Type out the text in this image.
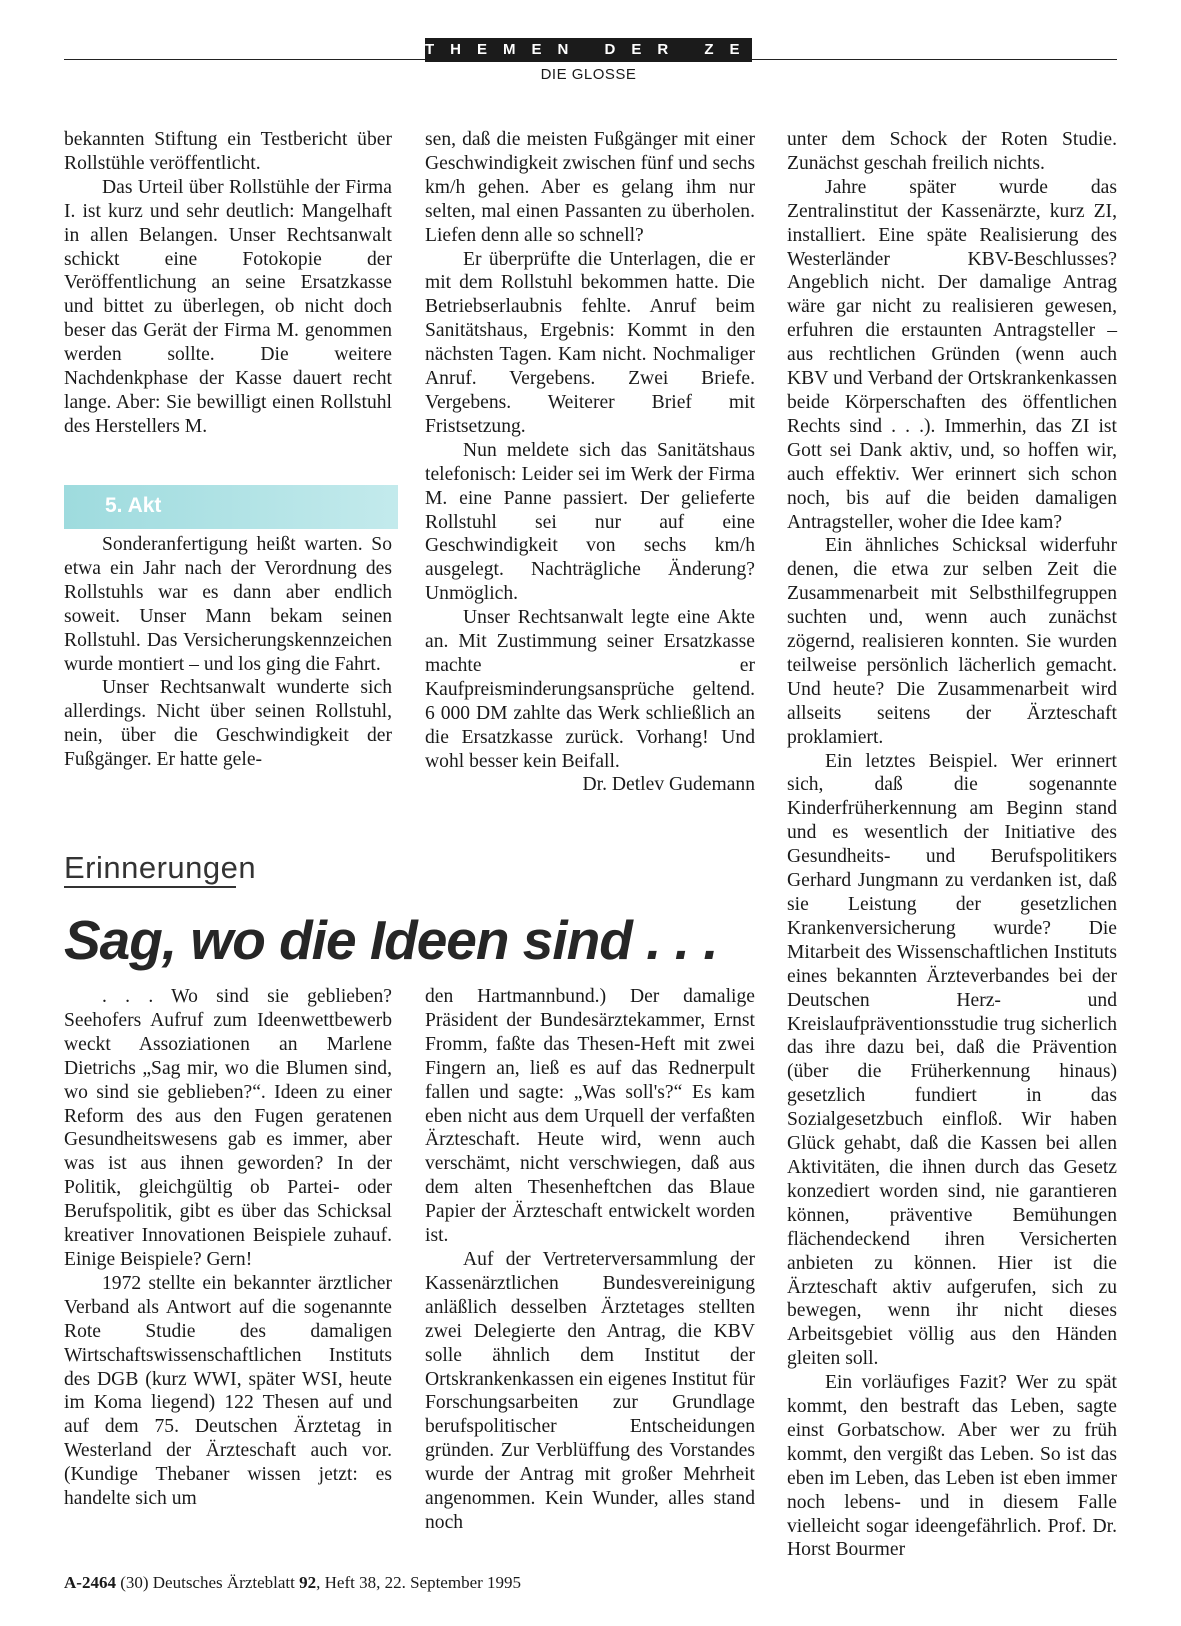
THEMEN DER ZEIT
DIE GLOSSE

bekannten Stiftung ein Testbericht über Rollstühle veröffentlicht.

Das Urteil über Rollstühle der Firma I. ist kurz und sehr deutlich: Mangelhaft in allen Belangen. Unser Rechtsanwalt schickt eine Fotokopie der Veröffentlichung an seine Ersatzkasse und bittet zu überlegen, ob nicht doch beser das Gerät der Firma M. genommen werden sollte. Die weitere Nachdenkphase der Kasse dauert recht lange. Aber: Sie bewilligt einen Rollstuhl des Herstellers M.

5. Akt

Sonderanfertigung heißt warten. So etwa ein Jahr nach der Verordnung des Rollstuhls war es dann aber endlich soweit. Unser Mann bekam seinen Rollstuhl. Das Versicherungskennzeichen wurde montiert – und los ging die Fahrt.

Unser Rechtsanwalt wunderte sich allerdings. Nicht über seinen Rollstuhl, nein, über die Geschwindigkeit der Fußgänger. Er hatte gele-

sen, daß die meisten Fußgänger mit einer Geschwindigkeit zwischen fünf und sechs km/h gehen. Aber es gelang ihm nur selten, mal einen Passanten zu überholen. Liefen denn alle so schnell?

Er überprüfte die Unterlagen, die er mit dem Rollstuhl bekommen hatte. Die Betriebserlaubnis fehlte. Anruf beim Sanitätshaus, Ergebnis: Kommt in den nächsten Tagen. Kam nicht. Nochmaliger Anruf. Vergebens. Zwei Briefe. Vergebens. Weiterer Brief mit Fristsetzung.

Nun meldete sich das Sanitätshaus telefonisch: Leider sei im Werk der Firma M. eine Panne passiert. Der gelieferte Rollstuhl sei nur auf eine Geschwindigkeit von sechs km/h ausgelegt. Nachträgliche Änderung? Unmöglich.

Unser Rechtsanwalt legte eine Akte an. Mit Zustimmung seiner Ersatzkasse machte er Kaufpreisminderungsansprüche geltend. 6 000 DM zahlte das Werk schließlich an die Ersatzkasse zurück. Vorhang! Und wohl besser kein Beifall.

Dr. Detlev Gudemann

Erinnerungen
Sag, wo die Ideen sind . . .

. . . Wo sind sie geblieben? Seehofers Aufruf zum Ideenwettbewerb weckt Assoziationen an Marlene Dietrichs „Sag mir, wo die Blumen sind, wo sind sie geblieben?“. Ideen zu einer Reform des aus den Fugen geratenen Gesundheitswesens gab es immer, aber was ist aus ihnen geworden? In der Politik, gleichgültig ob Partei- oder Berufspolitik, gibt es über das Schicksal kreativer Innovationen Beispiele zuhauf. Einige Beispiele? Gern!

1972 stellte ein bekannter ärztlicher Verband als Antwort auf die sogenannte Rote Studie des damaligen Wirtschaftswissenschaftlichen Instituts des DGB (kurz WWI, später WSI, heute im Koma liegend) 122 Thesen auf und auf dem 75. Deutschen Ärztetag in Westerland der Ärzteschaft auch vor. (Kundige Thebaner wissen jetzt: es handelte sich um

den Hartmannbund.) Der damalige Präsident der Bundesärztekammer, Ernst Fromm, faßte das Thesen-Heft mit zwei Fingern an, ließ es auf das Rednerpult fallen und sagte: „Was soll's?“ Es kam eben nicht aus dem Urquell der verfaßten Ärzteschaft. Heute wird, wenn auch verschämt, nicht verschwiegen, daß aus dem alten Thesenheftchen das Blaue Papier der Ärzteschaft entwickelt worden ist.

Auf der Vertreterversammlung der Kassenärztlichen Bundesvereinigung anläßlich desselben Ärztetages stellten zwei Delegierte den Antrag, die KBV solle ähnlich dem Institut der Ortskrankenkassen ein eigenes Institut für Forschungsarbeiten zur Grundlage berufspolitischer Entscheidungen gründen. Zur Verblüffung des Vorstandes wurde der Antrag mit großer Mehrheit angenommen. Kein Wunder, alles stand noch

unter dem Schock der Roten Studie. Zunächst geschah freilich nichts.

Jahre später wurde das Zentralinstitut der Kassenärzte, kurz ZI, installiert. Eine späte Realisierung des Westerländer KBV-Beschlusses? Angeblich nicht. Der damalige Antrag wäre gar nicht zu realisieren gewesen, erfuhren die erstaunten Antragsteller – aus rechtlichen Gründen (wenn auch KBV und Verband der Ortskrankenkassen beide Körperschaften des öffentlichen Rechts sind . . .). Immerhin, das ZI ist Gott sei Dank aktiv, und, so hoffen wir, auch effektiv. Wer erinnert sich schon noch, bis auf die beiden damaligen Antragsteller, woher die Idee kam?

Ein ähnliches Schicksal widerfuhr denen, die etwa zur selben Zeit die Zusammenarbeit mit Selbsthilfegruppen suchten und, wenn auch zunächst zögernd, realisieren konnten. Sie wurden teilweise persönlich lächerlich gemacht. Und heute? Die Zusammenarbeit wird allseits seitens der Ärzteschaft proklamiert.

Ein letztes Beispiel. Wer erinnert sich, daß die sogenannte Kinderfrüherkennung am Beginn stand und es wesentlich der Initiative des Gesundheits- und Berufspolitikers Gerhard Jungmann zu verdanken ist, daß sie Leistung der gesetzlichen Krankenversicherung wurde? Die Mitarbeit des Wissenschaftlichen Instituts eines bekannten Ärzteverbandes bei der Deutschen Herz- und Kreislaufpräventionsstudie trug sicherlich das ihre dazu bei, daß die Prävention (über die Früherkennung hinaus) gesetzlich fundiert in das Sozialgesetzbuch einfloß. Wir haben Glück gehabt, daß die Kassen bei allen Aktivitäten, die ihnen durch das Gesetz konzediert worden sind, nie garantieren können, präventive Bemühungen flächendeckend ihren Versicherten anbieten zu können. Hier ist die Ärzteschaft aktiv aufgerufen, sich zu bewegen, wenn ihr nicht dieses Arbeitsgebiet völlig aus den Händen gleiten soll.

Ein vorläufiges Fazit? Wer zu spät kommt, den bestraft das Leben, sagte einst Gorbatschow. Aber wer zu früh kommt, den vergißt das Leben. So ist das eben im Leben, das Leben ist eben immer noch lebens- und in diesem Falle vielleicht sogar ideengefährlich. Prof. Dr. Horst Bourmer

A-2464 (30) Deutsches Ärzteblatt 92, Heft 38, 22. September 1995
